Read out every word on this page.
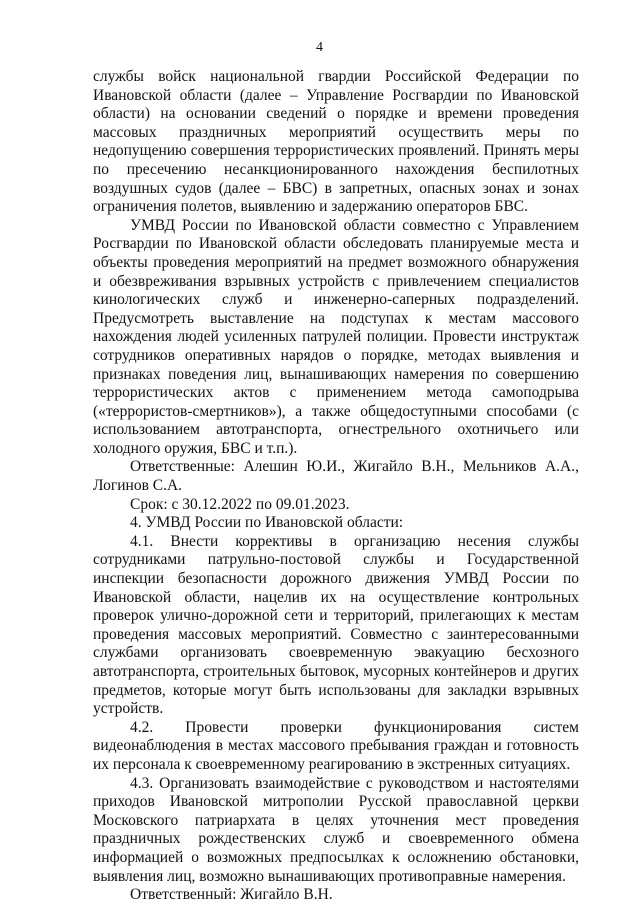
4

службы войск национальной гвардии Российской Федерации по Ивановской области (далее – Управление Росгвардии по Ивановской области) на основании сведений о порядке и времени проведения массовых праздничных мероприятий осуществить меры по недопущению совершения террористических проявлений. Принять меры по пресечению несанкционированного нахождения беспилотных воздушных судов (далее – БВС) в запретных, опасных зонах и зонах ограничения полетов, выявлению и задержанию операторов БВС.

УМВД России по Ивановской области совместно с Управлением Росгвардии по Ивановской области обследовать планируемые места и объекты проведения мероприятий на предмет возможного обнаружения и обезвреживания взрывных устройств с привлечением специалистов кинологических служб и инженерно-саперных подразделений. Предусмотреть выставление на подступах к местам массового нахождения людей усиленных патрулей полиции. Провести инструктаж сотрудников оперативных нарядов о порядке, методах выявления и признаках поведения лиц, вынашивающих намерения по совершению террористических актов с применением метода самоподрыва («террористов-смертников»), а также общедоступными способами (с использованием автотранспорта, огнестрельного охотничьего или холодного оружия, БВС и т.п.).

Ответственные: Алешин Ю.И., Жигайло В.Н., Мельников А.А., Логинов С.А.

Срок: с 30.12.2022 по 09.01.2023.

4. УМВД России по Ивановской области:

4.1. Внести коррективы в организацию несения службы сотрудниками патрульно-постовой службы и Государственной инспекции безопасности дорожного движения УМВД России по Ивановской области, нацелив их на осуществление контрольных проверок улично-дорожной сети и территорий, прилегающих к местам проведения массовых мероприятий. Совместно с заинтересованными службами организовать своевременную эвакуацию бесхозного автотранспорта, строительных бытовок, мусорных контейнеров и других предметов, которые могут быть использованы для закладки взрывных устройств.

4.2. Провести проверки функционирования систем видеонаблюдения в местах массового пребывания граждан и готовность их персонала к своевременному реагированию в экстренных ситуациях.

4.3. Организовать взаимодействие с руководством и настоятелями приходов Ивановской митрополии Русской православной церкви Московского патриархата в целях уточнения мест проведения праздничных рождественских служб и своевременного обмена информацией о возможных предпосылках к осложнению обстановки, выявления лиц, возможно вынашивающих противоправные намерения.

Ответственный: Жигайло В.Н.
